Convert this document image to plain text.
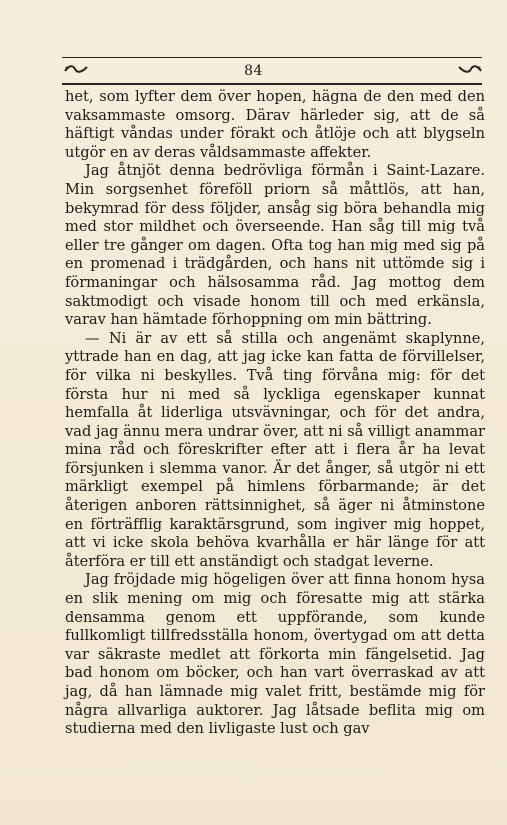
84

het, som lyfter dem över hopen, hägna de den med den vaksammaste omsorg. Därav härleder sig, att de så häftigt våndas under förakt och åtlöje och att blygseln utgör en av deras våldsammaste affekter.

Jag åtnjöt denna bedrövliga förmån i Saint-Lazare. Min sorgsenhet föreföll priorn så måttlös, att han, bekymrad för dess följder, ansåg sig böra behandla mig med stor mildhet och överseende. Han såg till mig två eller tre gånger om dagen. Ofta tog han mig med sig på en promenad i trädgården, och hans nit uttömde sig i förmaningar och hälsosamma råd. Jag mottog dem saktmodigt och visade honom till och med erkänsla, varav han hämtade förhoppning om min bättring.

— Ni är av ett så stilla och angenämt skaplynne, yttrade han en dag, att jag icke kan fatta de förvillelser, för vilka ni beskylles. Två ting förvåna mig: för det första hur ni med så lyckliga egenskaper kunnat hemfalla åt liderliga utsvävningar, och för det andra, vad jag ännu mera undrar över, att ni så villigt anammar mina råd och föreskrifter efter att i flera år ha levat försjunken i slemma vanor. Är det ånger, så utgör ni ett märkligt exempel på himlens förbarmande; är det återigen anboren rättsinnighet, så äger ni åtminstone en förträfflig karaktärsgrund, som ingiver mig hoppet, att vi icke skola behöva kvarhålla er här länge för att återföra er till ett anständigt och stadgat leverne.

Jag fröjdade mig högeligen över att finna honom hysa en slik mening om mig och föresatte mig att stärka densamma genom ett uppförande, som kunde fullkomligt tillfredsställa honom, övertygad om att detta var säkraste medlet att förkorta min fängelsetid. Jag bad honom om böcker, och han vart överraskad av att jag, då han lämnade mig valet fritt, bestämde mig för några allvarliga auktorer. Jag låtsade beflita mig om studierna med den livligaste lust och gav
